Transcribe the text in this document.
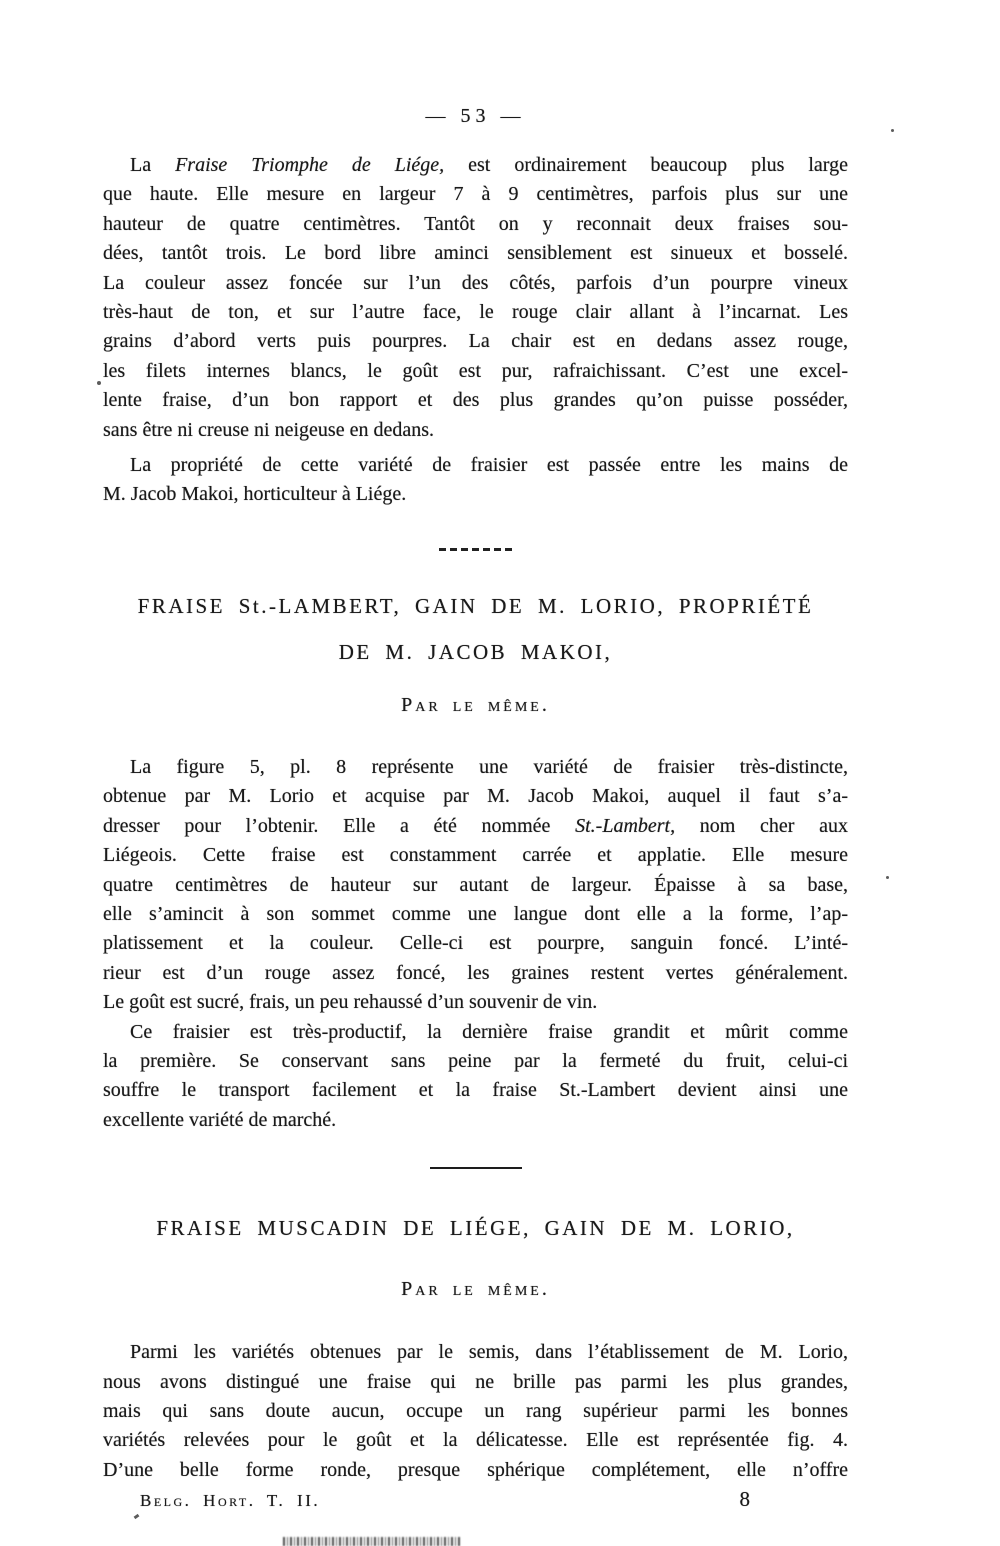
— 53 —
La Fraise Triomphe de Liége, est ordinairement beaucoup plus large
que haute. Elle mesure en largeur 7 à 9 centimètres, parfois plus sur une
hauteur de quatre centimètres. Tantôt on y reconnait deux fraises sou-
dées, tantôt trois. Le bord libre aminci sensiblement est sinueux et bosselé.
La couleur assez foncée sur l’un des côtés, parfois d’un pourpre vineux
très-haut de ton, et sur l’autre face, le rouge clair allant à l’incarnat. Les
grains d’abord verts puis pourpres. La chair est en dedans assez rouge,
les filets internes blancs, le goût est pur, rafraichissant. C’est une excel-
lente fraise, d’un bon rapport et des plus grandes qu’on puisse posséder,
sans être ni creuse ni neigeuse en dedans.
La propriété de cette variété de fraisier est passée entre les mains de
M. Jacob Makoi, horticulteur à Liége.
FRAISE St.-LAMBERT, GAIN DE M. LORIO, PROPRIÉTÉ
DE M. JACOB MAKOI,
Par le même.
La figure 5, pl. 8 représente une variété de fraisier très-distincte,
obtenue par M. Lorio et acquise par M. Jacob Makoi, auquel il faut s’a-
dresser pour l’obtenir. Elle a été nommée St.-Lambert, nom cher aux
Liégeois. Cette fraise est constamment carrée et applatie. Elle mesure
quatre centimètres de hauteur sur autant de largeur. Épaisse à sa base,
elle s’amincit à son sommet comme une langue dont elle a la forme, l’ap-
platissement et la couleur. Celle-ci est pourpre, sanguin foncé. L’inté-
rieur est d’un rouge assez foncé, les graines restent vertes généralement.
Le goût est sucré, frais, un peu rehaussé d’un souvenir de vin.
Ce fraisier est très-productif, la dernière fraise grandit et mûrit comme
la première. Se conservant sans peine par la fermeté du fruit, celui-ci
souffre le transport facilement et la fraise St.-Lambert devient ainsi une
excellente variété de marché.
FRAISE MUSCADIN DE LIÉGE, GAIN DE M. LORIO,
Par le même.
Parmi les variétés obtenues par le semis, dans l’établissement de M. Lorio,
nous avons distingué une fraise qui ne brille pas parmi les plus grandes,
mais qui sans doute aucun, occupe un rang supérieur parmi les bonnes
variétés relevées pour le goût et la délicatesse. Elle est représentée fig. 4.
D’une belle forme ronde, presque sphérique complétement, elle n’offre
Belg. Hort. T. II.	8
